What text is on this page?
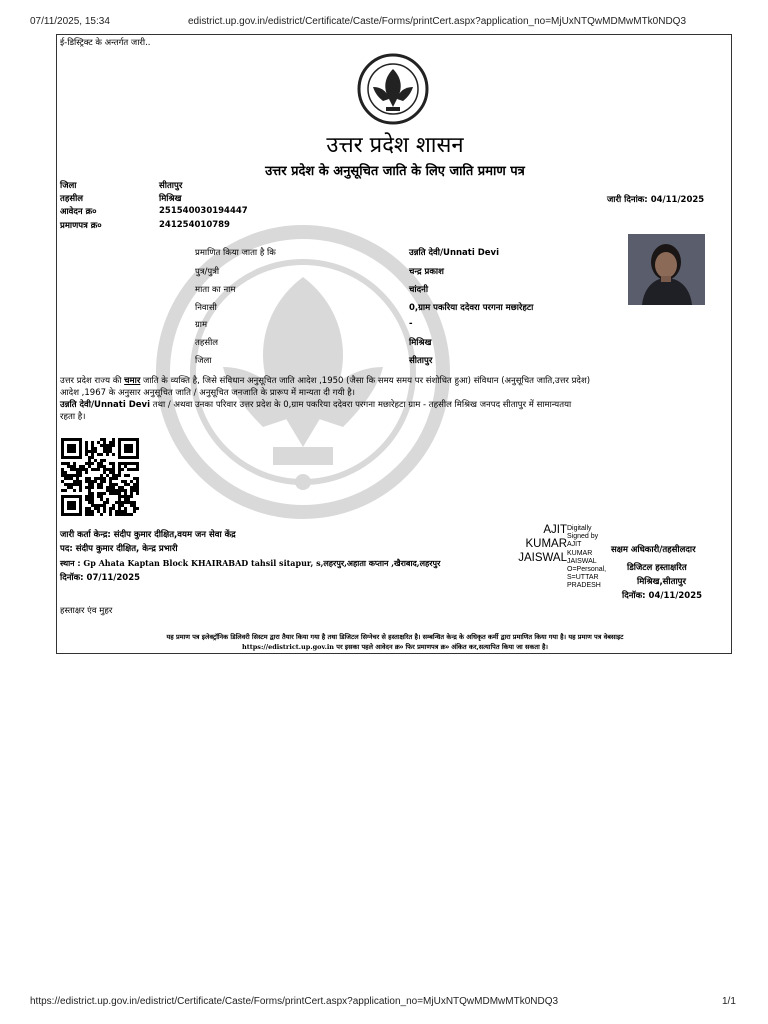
07/11/2025, 15:34	edistrict.up.gov.in/edistrict/Certificate/Caste/Forms/printCert.aspx?application_no=MjUxNTQwMDMwMTk0NDQ3
ई-डिस्ट्रिक्ट के अन्तर्गत जारी..
उत्तर प्रदेश शासन
उत्तर प्रदेश के अनुसूचित जाति के लिए जाति प्रमाण पत्र
जिला	सीतापुर
तहसील	मिश्रिख
आवेदन क्र०	251540030194447
प्रमाणपत्र क्र०	241254010789
जारी दिनांक: 04/11/2025
प्रमाणित किया जाता है कि	उन्नति देवी/Unnati Devi
पुत्र/पुत्री	चन्द्र प्रकाश
माता का नाम	चांदनी
निवासी	0,ग्राम पकरिया ददेवरा परगना मछारेहटा
ग्राम	-
तहसील	मिश्रिख
जिला	सीतापुर
उत्तर प्रदेश राज्य की चमार जाति के व्यक्ति है, जिसे संविधान अनुसूचित जाति आदेश ,1950 (जैसा कि समय समय पर संशोधित हुआ) संविधान (अनुसूचित जाति,उत्तर प्रदेश)
आदेश ,1967 के अनुसार अनुसूचित जाति / अनुसूचित जनजाति के प्रारूप में मान्यता दी गयी है।
उन्नति देवी/Unnati Devi तथा / अथवा उनका परिवार उत्तर प्रदेश के 0,ग्राम पकरिया ददेवरा परगना मछारेहटा ग्राम - तहसील मिश्रिख जनपद सीतापुर में सामान्यतया
रहता है।
जारी कर्ता केन्द्र: संदीप कुमार दीक्षित,वयम जन सेवा केंद्र
पद: संदीप कुमार दीक्षित, केन्द्र प्रभारी
स्थान : Gp Ahata Kaptan Block KHAIRABAD tahsil sitapur, s,लहरपुर,अहाता कप्तान ,खैराबाद,लहरपुर
दिनॉक: 07/11/2025
AJIT
KUMAR
JAISWAL
Digitally
Signed by
AJIT
KUMAR
JAISWAL
O=Personal,
S=UTTAR
PRADESH
सक्षम अधिकारी/तहसीलदार
डिजिटल हस्ताक्षरित
मिश्रिख,सीतापुर
दिनॉक: 04/11/2025
हस्ताक्षर एंव मुहर
यह प्रमाण पत्र इलेक्ट्रॉनिक डिलिवरी सिस्टम द्वारा तैयार किया गया है तथा डिजिटल सिग्नेचर से हस्ताक्षरित है। सम्बन्धित केन्द्र के अधिकृत कर्मी द्वारा प्रमाणित किया गया है। यह प्रमाण पत्र वेबसाइट
https://edistrict.up.gov.in पर इसका पहले आवेदन क्र० फिर प्रमाणपत्र क्र० अंकित कर,सत्यापित किया जा सकता है।
https://edistrict.up.gov.in/edistrict/Certificate/Caste/Forms/printCert.aspx?application_no=MjUxNTQwMDMwMTk0NDQ3	1/1
